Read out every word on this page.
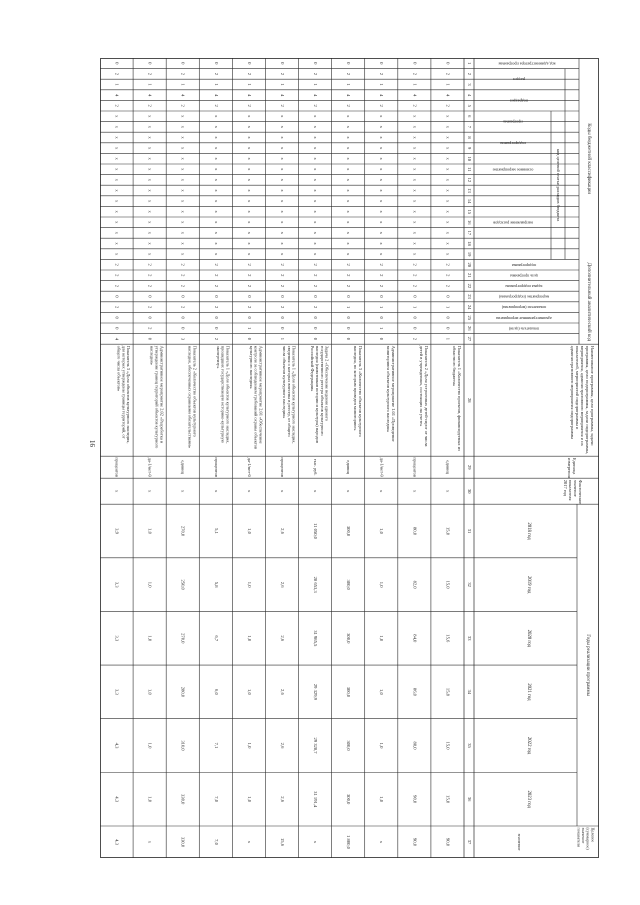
16
Коды бюджетной классификации
Дополнительный аналитический код
код целевой статьи расходов бюджета
код администратора программы
раздел
подраздел
программа
подпрограмма
основное мероприятие
направление расходов
подпрограмма
цель программы
задача подпрограммы
мероприятие (подпрограмма)
показатели (мероприятия)
административные мероприятия
показатель (цели)
Наименование программы, цели программы, задачи
программы, цели подпрограммы, задачи подпрограммы,
мероприятия, административного мероприятия и их
показателей, мероприятий подпрограммы и
административного мероприятия подпрограммы
Единица
измерения
Фактическое
значение
показателя
2017 год
Годы реализации программы
2018 год
2019 год
2020 год
2021 год
2022 год
2023 год
Целевое
(суммарное)
значение
показателя
значение
1
2
3
4
5
6
7
8
9
10
11
12
13
14
15
16
17
18
19
20
21
22
23
24
25
26
27
28
29
30
31
32
33
34
35
36
37
0
2
1
4
2
х
х
х
х
х
х
х
х
х
х
х
х
х
х
2
2
2
0
1
0
0
1
Показатель 1 «Количество проектов, финансируемых из
областного бюджета»
единиц
х
15,0
15,0
15,6
15,8
15,0
15,0
90,0
0
2
1
4
2
х
х
х
х
х
х
х
х
х
х
х
х
х
х
2
2
2
0
1
0
0
2
Показатель 2 «Доля устроенных детей-сирот от числа
детей в учреждениях, состоящих на учете»
процентов
х
80,0
82,0
84,0
86,0
88,0
90,0
90,0
0
2
1
4
2
х
х
х
х
х
х
х
х
х
х
х
х
х
х
2
2
2
0
1
0
1
0
Административное мероприятие 1.01 «Проведение
мониторинга объектов культурного наследия»
да-1/нет-0
х
1,0
1,0
1,0
1,0
1,0
1,0
х
0
2
1
4
2
х
х
х
х
х
х
х
х
х
х
х
х
х
х
2
2
2
0
1
0
0
0
Показатель 3 «Количество объектов культурного
наследия, по которым проведен мониторинг»
единиц
х
300,0
300,0
300,0
300,0
300,0
300,0
1 800,0
0
2
1
4
2
х
х
х
х
х
х
х
х
х
х
х
х
х
х
2
2
2
0
2
0
0
0
Задача 2 «Обеспечение ведения единого
государственного реестра объектов культурного
наследия (памятников истории и культуры) народов
Российской Федерации»
тыс. руб.
х
11 050,0
28 653,3
31 985,5
29 329,9
29 328,7
31 191,4
х
0
2
1
4
2
х
х
х
х
х
х
х
х
х
х
х
х
х
х
2
2
2
0
2
0
0
1
Показатель 1 «Доля объектов культурного наследия,
сведения о которых внесены в реестр, от общего
числа объектов культурного наследия»
процентов
х
2,6
2,6
2,6
2,6
2,6
2,6
15,6
0
2
1
4
2
х
х
х
х
х
х
х
х
х
х
х
х
х
х
2
2
2
0
2
0
1
0
Административное мероприятие 2.01 «Обеспечение
контроля за соблюдением требований охраны объектов
культурного наследия»
да-1/нет-0
х
1,0
1,0
1,0
1,0
1,0
1,0
х
0
2
1
4
2
х
х
х
х
х
х
х
х
х
х
х
х
х
х
2
2
2
0
2
0
0
2
Показатель 1 «Доля объектов культурного наследия,
прошедших государственную историко-культурную
экспертизу»
процентов
х
5,1
5,8
6,7
6,0
7,1
7,0
7,0
0
2
1
4
2
х
х
х
х
х
х
х
х
х
х
х
х
х
х
2
2
2
0
2
0
0
3
Показатель 2 «Количество объектов культурного
наследия, обеспеченных охранными обязательствами»
единиц
х
270,0
250,0
270,0
280,0
310,0
330,0
330,0
0
2
1
4
2
х
х
х
х
х
х
х
х
х
х
х
х
х
х
2
2
2
0
2
0
2
0
Административное мероприятие 2.02 «Разработка и
утверждение границ территорий объектов культурного
наследия»
да-1/нет-0
х
1,0
1,0
1,0
1,0
1,0
1,0
х
0
2
1
4
2
х
х
х
х
х
х
х
х
х
х
х
х
х
х
2
2
2
0
2
0
0
4
Показатель 3 «Доля объектов культурного наследия,
для которых утверждены границы территорий, от
общего числа объектов»
процентов
х
3,9
3,3
3,3
3,3
4,3
4,3
4,3
